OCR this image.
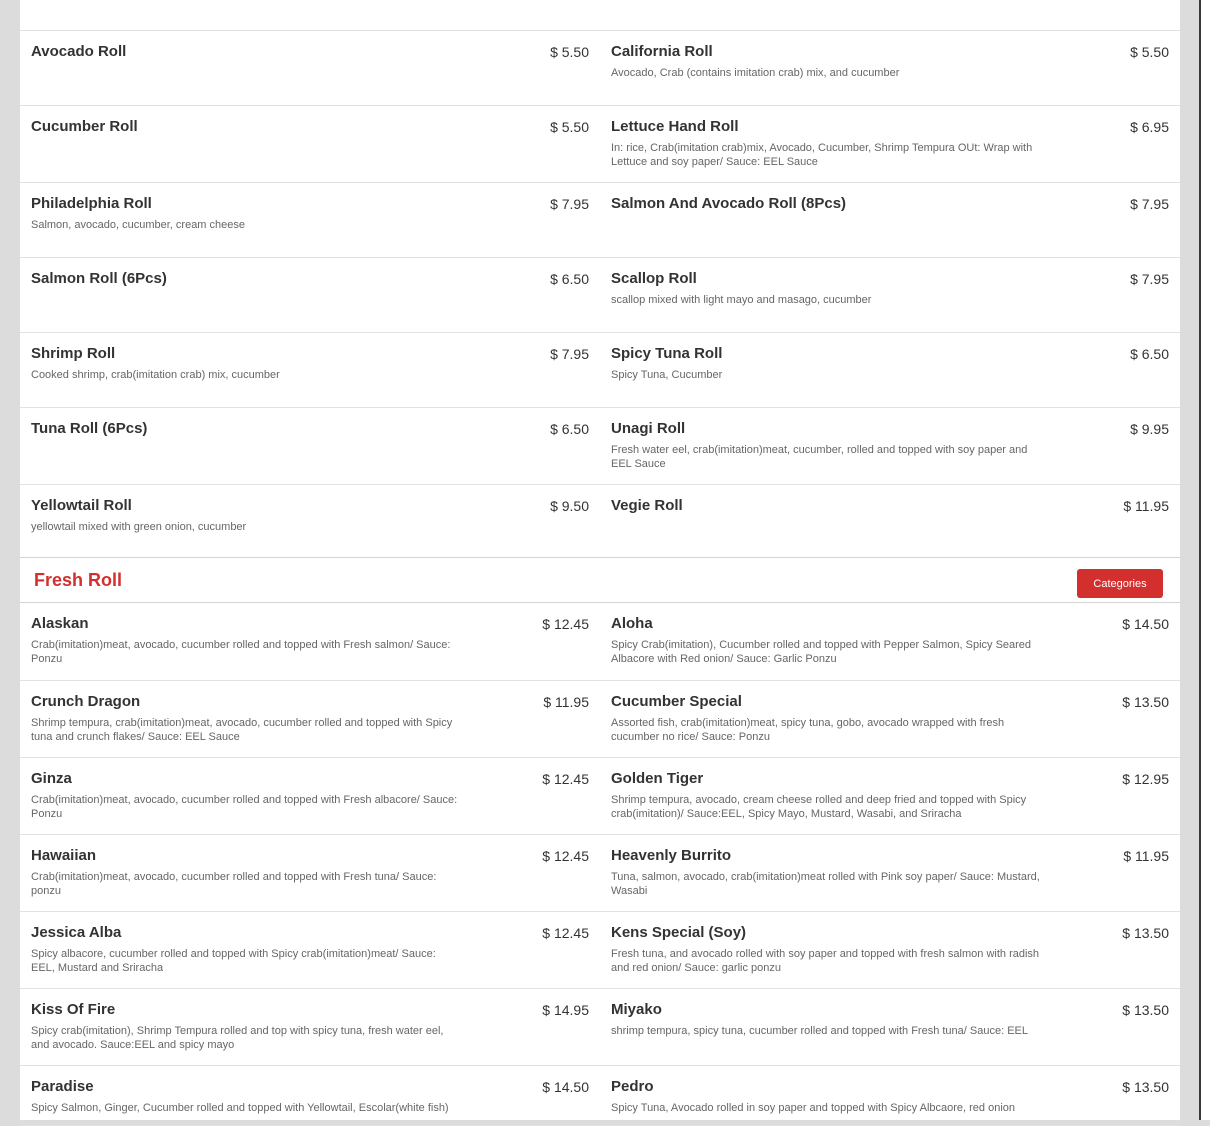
Avocado Roll	$ 5.50 California Roll	$ 5.50
Avocado, Crab (contains imitation crab) mix, and cucumber
Cucumber Roll	$ 5.50 Lettuce Hand Roll	$ 6.95
In: rice, Crab(imitation crab)mix, Avocado, Cucumber, Shrimp Tempura OUt: Wrap with Lettuce and soy paper/ Sauce: EEL Sauce
Philadelphia Roll	$ 7.95
Salmon, avocado, cucumber, cream cheese
Salmon And Avocado Roll (8Pcs)	$ 7.95
Salmon Roll (6Pcs)	$ 6.50 Scallop Roll	$ 7.95
scallop mixed with light mayo and masago, cucumber
Shrimp Roll	$ 7.95
Cooked shrimp, crab(imitation crab) mix, cucumber
Spicy Tuna Roll	$ 6.50
Spicy Tuna, Cucumber
Tuna Roll (6Pcs)	$ 6.50 Unagi Roll	$ 9.95
Fresh water eel, crab(imitation)meat, cucumber, rolled and topped with soy paper and EEL Sauce
Yellowtail Roll	$ 9.50
yellowtail mixed with green onion, cucumber
Vegie Roll	$ 11.95
Fresh Roll	Categories
Alaskan	$ 12.45
Crab(imitation)meat, avocado, cucumber rolled and topped with Fresh salmon/ Sauce: Ponzu
Aloha	$ 14.50
Spicy Crab(imitation), Cucumber rolled and topped with Pepper Salmon, Spicy Seared Albacore with Red onion/ Sauce: Garlic Ponzu
Crunch Dragon	$ 11.95
Shrimp tempura, crab(imitation)meat, avocado, cucumber rolled and topped with Spicy tuna and crunch flakes/ Sauce: EEL Sauce
Cucumber Special	$ 13.50
Assorted fish, crab(imitation)meat, spicy tuna, gobo, avocado wrapped with fresh cucumber no rice/ Sauce: Ponzu
Ginza	$ 12.45
Crab(imitation)meat, avocado, cucumber rolled and topped with Fresh albacore/ Sauce: Ponzu
Golden Tiger	$ 12.95
Shrimp tempura, avocado, cream cheese rolled and deep fried and topped with Spicy crab(imitation)/ Sauce:EEL, Spicy Mayo, Mustard, Wasabi, and Sriracha
Hawaiian	$ 12.45
Crab(imitation)meat, avocado, cucumber rolled and topped with Fresh tuna/ Sauce: ponzu
Heavenly Burrito	$ 11.95
Tuna, salmon, avocado, crab(imitation)meat rolled with Pink soy paper/ Sauce: Mustard, Wasabi
Jessica Alba	$ 12.45
Spicy albacore, cucumber rolled and topped with Spicy crab(imitation)meat/ Sauce: EEL, Mustard and Sriracha
Kens Special (Soy)	$ 13.50
Fresh tuna, and avocado rolled with soy paper and topped with fresh salmon with radish and red onion/ Sauce: garlic ponzu
Kiss Of Fire	$ 14.95
Spicy crab(imitation), Shrimp Tempura rolled and top with spicy tuna, fresh water eel, and avocado. Sauce:EEL and spicy mayo
Miyako	$ 13.50
shrimp tempura, spicy tuna, cucumber rolled and topped with Fresh tuna/ Sauce: EEL
Paradise	$ 14.50
Spicy Salmon, Ginger, Cucumber rolled and topped with Yellowtail, Escolar(white fish)
Pedro	$ 13.50
Spicy Tuna, Avocado rolled in soy paper and topped with Spicy Albcaore, red onion
